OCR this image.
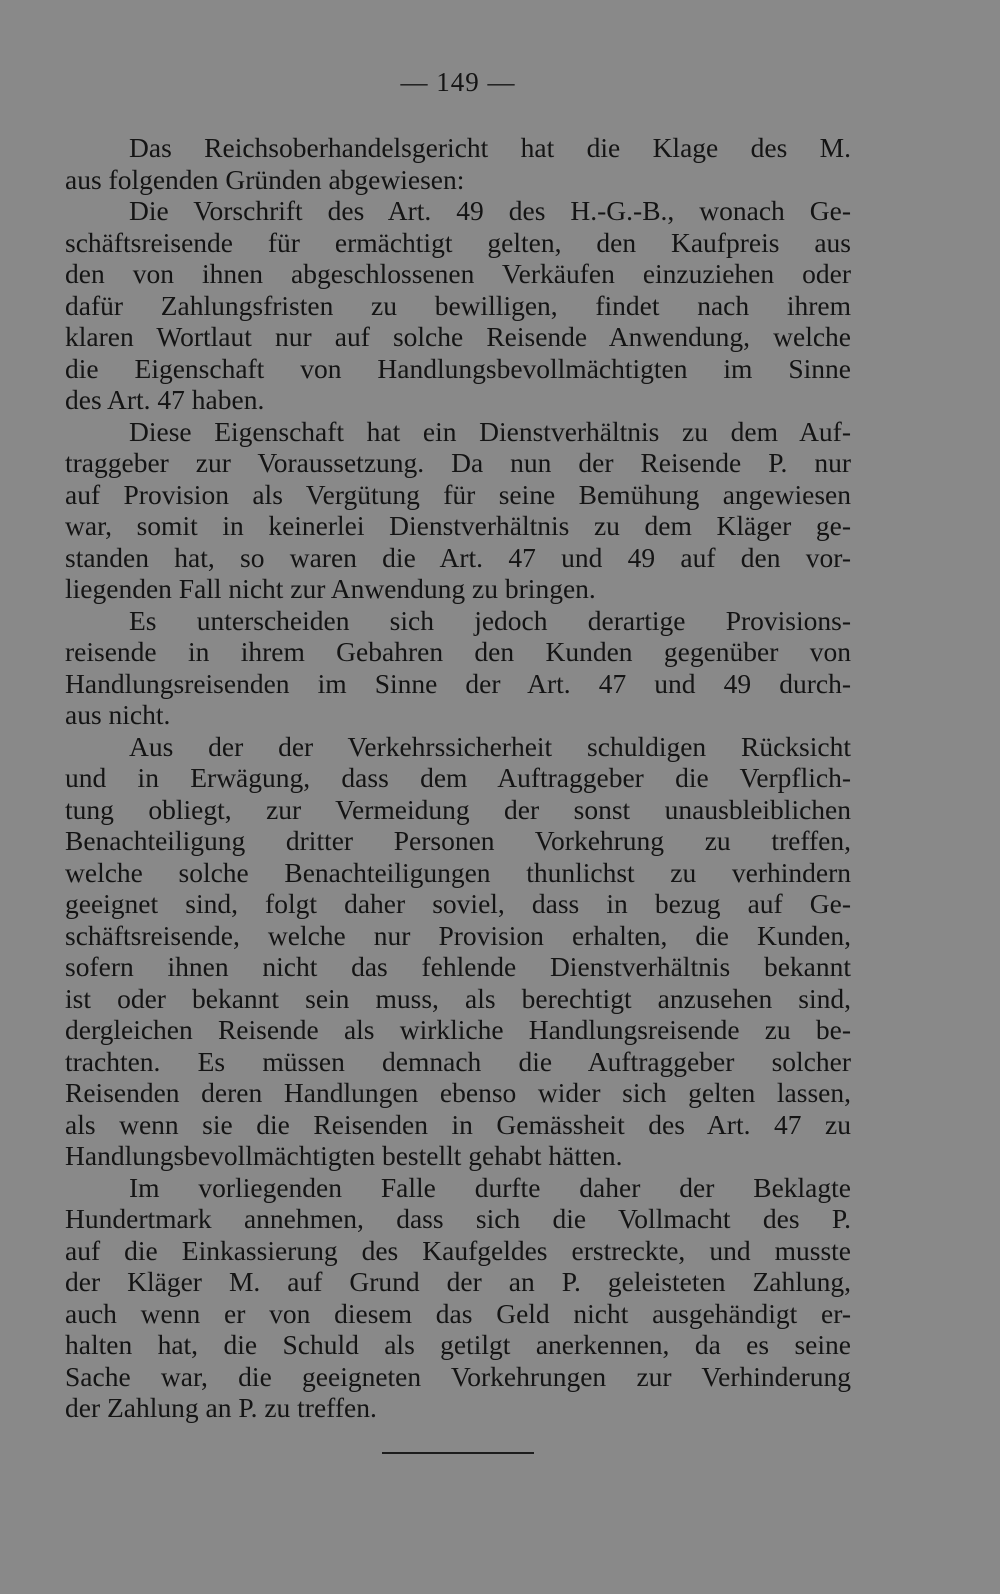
— 149 —

Das Reichsoberhandelsgericht hat die Klage des M.
aus folgenden Gründen abgewiesen:

Die Vorschrift des Art. 49 des H.-G.-B., wonach Ge-
schäftsreisende für ermächtigt gelten, den Kaufpreis aus
den von ihnen abgeschlossenen Verkäufen einzuziehen oder
dafür Zahlungsfristen zu bewilligen, findet nach ihrem
klaren Wortlaut nur auf solche Reisende Anwendung, welche
die Eigenschaft von Handlungsbevollmächtigten im Sinne
des Art. 47 haben.

Diese Eigenschaft hat ein Dienstverhältnis zu dem Auf-
traggeber zur Voraussetzung. Da nun der Reisende P. nur
auf Provision als Vergütung für seine Bemühung angewiesen
war, somit in keinerlei Dienstverhältnis zu dem Kläger ge-
standen hat, so waren die Art. 47 und 49 auf den vor-
liegenden Fall nicht zur Anwendung zu bringen.

Es unterscheiden sich jedoch derartige Provisions-
reisende in ihrem Gebahren den Kunden gegenüber von
Handlungsreisenden im Sinne der Art. 47 und 49 durch-
aus nicht.

Aus der der Verkehrssicherheit schuldigen Rücksicht
und in Erwägung, dass dem Auftraggeber die Verpflich-
tung obliegt, zur Vermeidung der sonst unausbleiblichen
Benachteiligung dritter Personen Vorkehrung zu treffen,
welche solche Benachteiligungen thunlichst zu verhindern
geeignet sind, folgt daher soviel, dass in bezug auf Ge-
schäftsreisende, welche nur Provision erhalten, die Kunden,
sofern ihnen nicht das fehlende Dienstverhältnis bekannt
ist oder bekannt sein muss, als berechtigt anzusehen sind,
dergleichen Reisende als wirkliche Handlungsreisende zu be-
trachten. Es müssen demnach die Auftraggeber solcher
Reisenden deren Handlungen ebenso wider sich gelten lassen,
als wenn sie die Reisenden in Gemässheit des Art. 47 zu
Handlungsbevollmächtigten bestellt gehabt hätten.

Im vorliegenden Falle durfte daher der Beklagte
Hundertmark annehmen, dass sich die Vollmacht des P.
auf die Einkassierung des Kaufgeldes erstreckte, und musste
der Kläger M. auf Grund der an P. geleisteten Zahlung,
auch wenn er von diesem das Geld nicht ausgehändigt er-
halten hat, die Schuld als getilgt anerkennen, da es seine
Sache war, die geeigneten Vorkehrungen zur Verhinderung
der Zahlung an P. zu treffen.
